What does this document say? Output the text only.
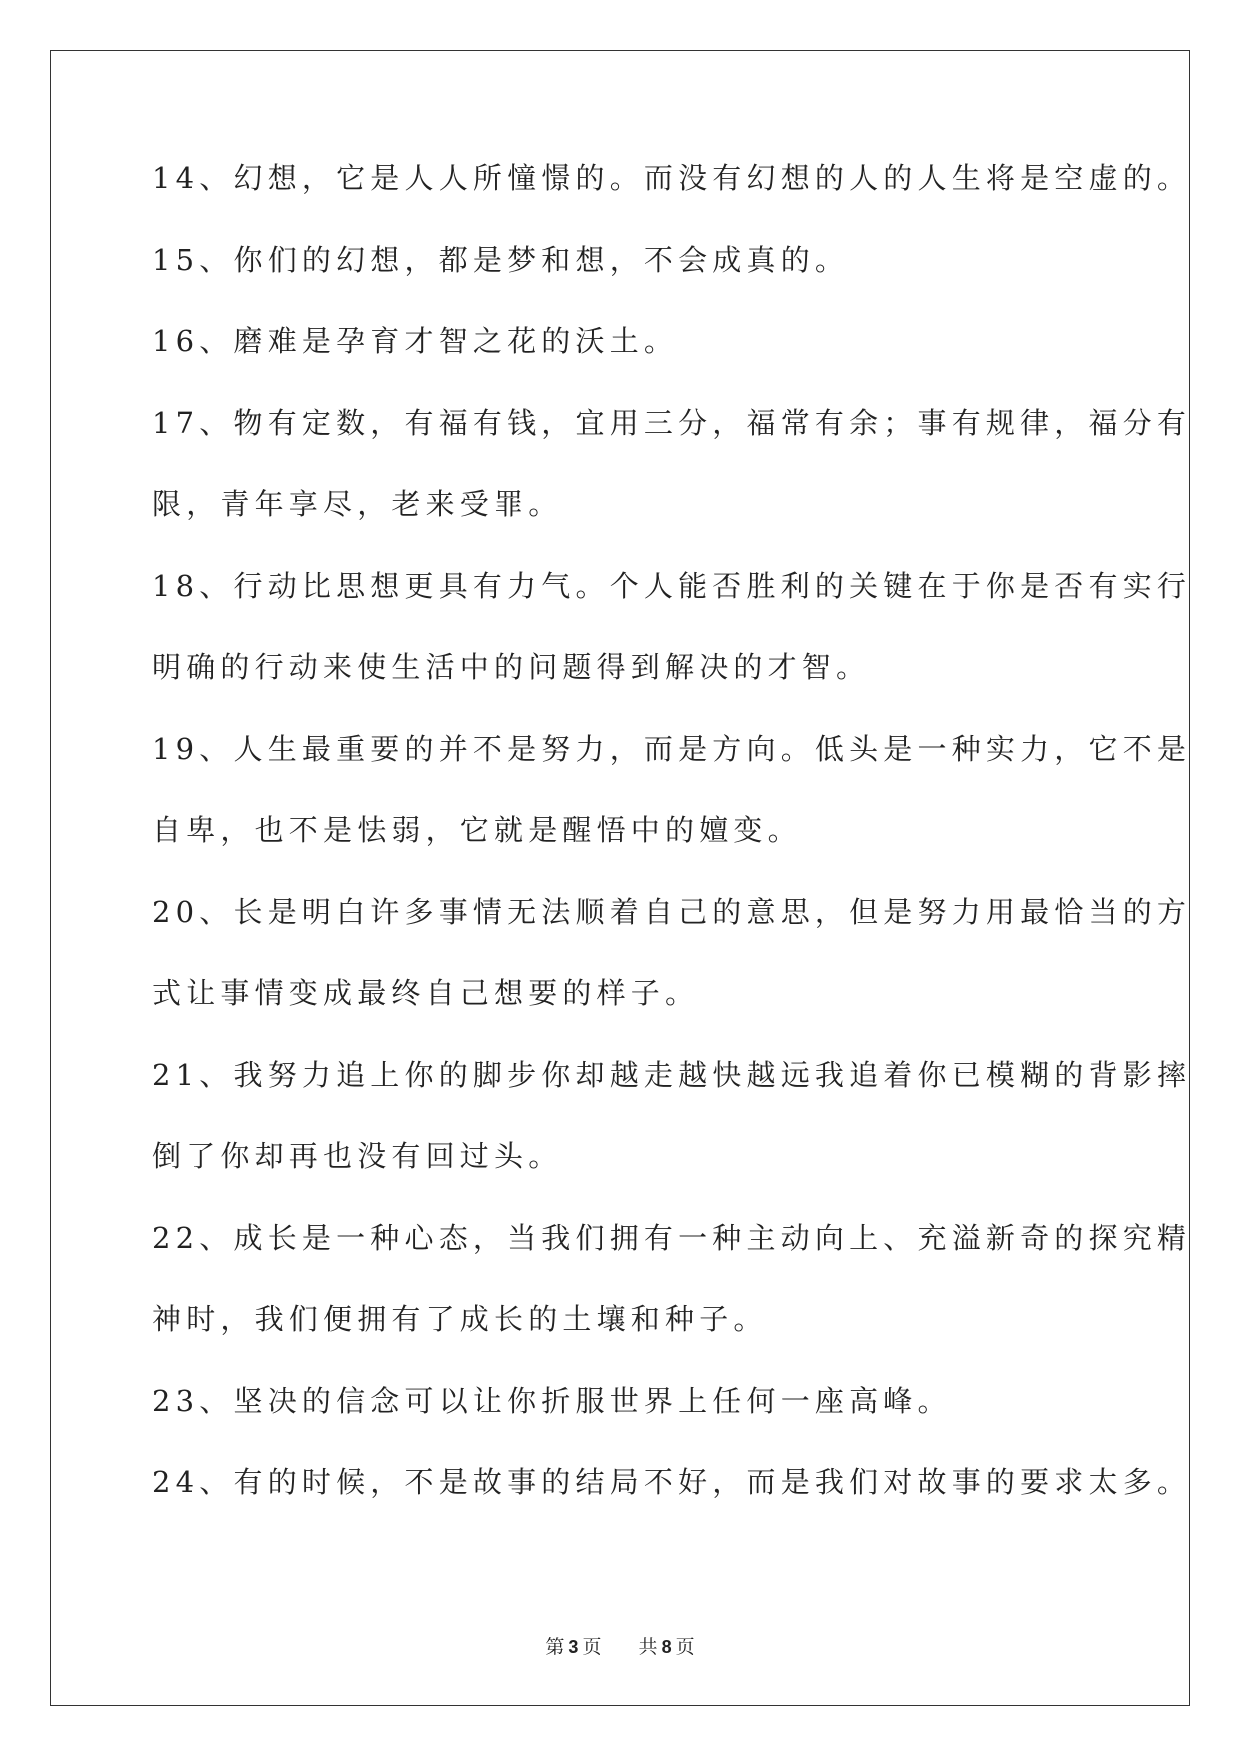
14、幻想，它是人人所憧憬的。而没有幻想的人的人生将是空虚的。
15、你们的幻想，都是梦和想，不会成真的。
16、磨难是孕育才智之花的沃土。
17、物有定数，有福有钱，宜用三分，福常有余；事有规律，福分有
限，青年享尽，老来受罪。
18、行动比思想更具有力气。个人能否胜利的关键在于你是否有实行
明确的行动来使生活中的问题得到解决的才智。
19、人生最重要的并不是努力，而是方向。低头是一种实力，它不是
自卑，也不是怯弱，它就是醒悟中的嬗变。
20、长是明白许多事情无法顺着自己的意思，但是努力用最恰当的方
式让事情变成最终自己想要的样子。
21、我努力追上你的脚步你却越走越快越远我追着你已模糊的背影摔
倒了你却再也没有回过头。
22、成长是一种心态，当我们拥有一种主动向上、充溢新奇的探究精
神时，我们便拥有了成长的土壤和种子。
23、坚决的信念可以让你折服世界上任何一座高峰。
24、有的时候，不是故事的结局不好，而是我们对故事的要求太多。
第 3 页 共 8 页
